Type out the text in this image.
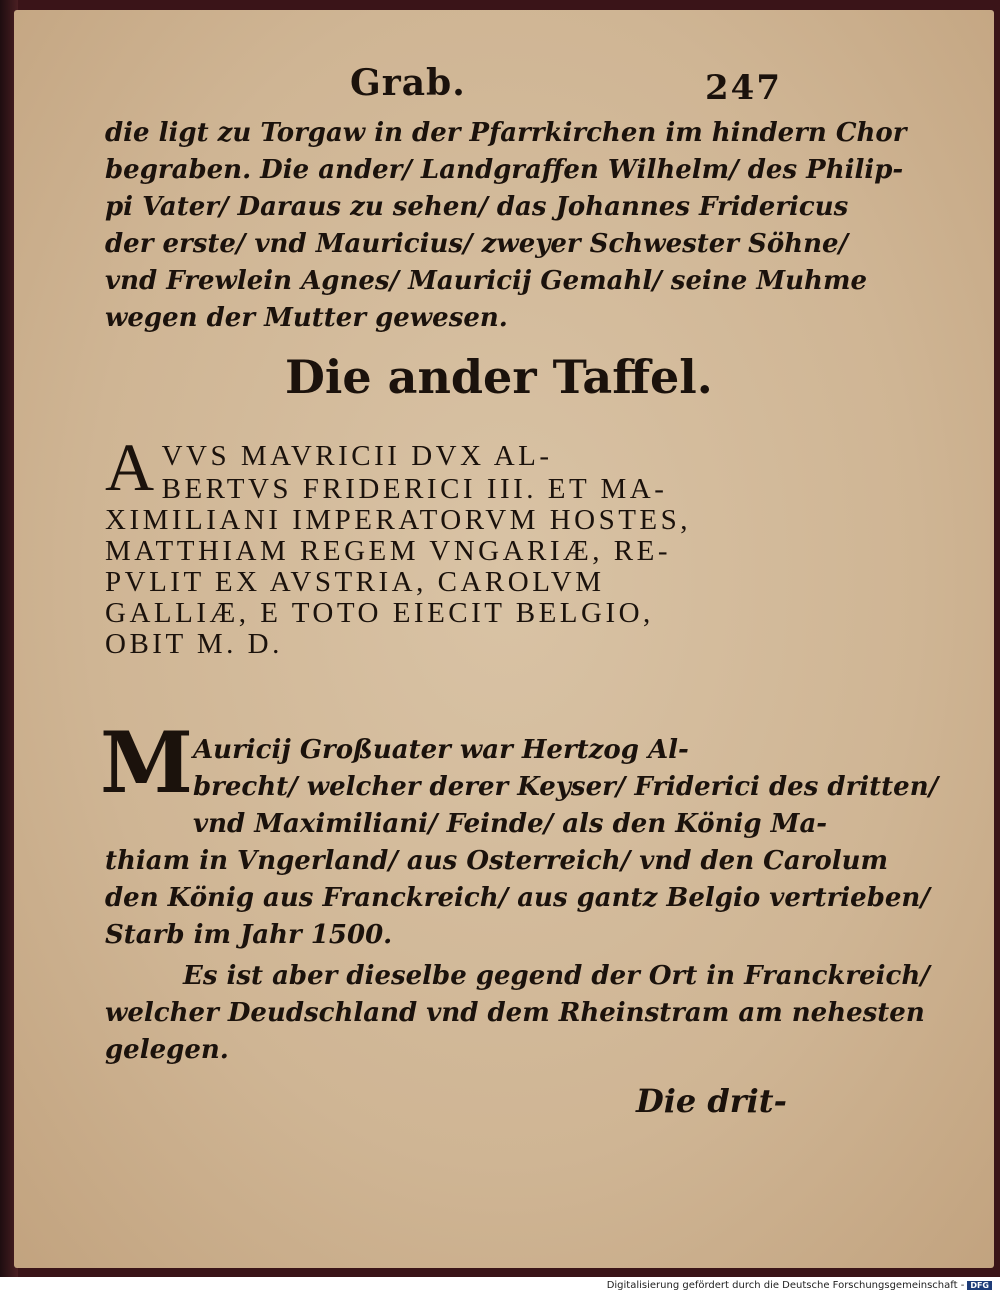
Grab.	247
die ligt zu Torgaw in der Pfarrkirchen im hindern Chor
begraben. Die ander/ Landgraffen Wilhelm/ des Philip-
pi Vater/ Daraus zu sehen/ das Johannes Fridericus
der erste/ vnd Mauricius/ zweyer Schwester Söhne/
vnd Frewlein Agnes/ Mauricij Gemahl/ seine Muhme
wegen der Mutter gewesen.
Die ander Taffel.
A VVS MAVRICII DVX AL-
BERTVS FRIDERICI III. ET MA-
XIMILIANI IMPERATORVM HOSTES,
MATTHIAM REGEM VNGARIÆ, RE-
PVLIT EX AVSTRIA, CAROLVM
GALLIÆ, E TOTO EIECIT BELGIO,
OBIT M. D.
M Auricij Großuater war Hertzog Al-
brecht/ welcher derer Keyser/ Friderici des dritten/
vnd Maximiliani/ Feinde/ als den König Ma-
thiam in Vngerland/ aus Osterreich/ vnd den Carolum
den König aus Franckreich/ aus gantz Belgio vertrieben/
Starb im Jahr 1500.
Es ist aber dieselbe gegend der Ort in Franckreich/
welcher Deudschland vnd dem Rheinstram am nehesten
gelegen.
Die drit-
Digitalisierung gefördert durch die Deutsche Forschungsgemeinschaft - DFG
